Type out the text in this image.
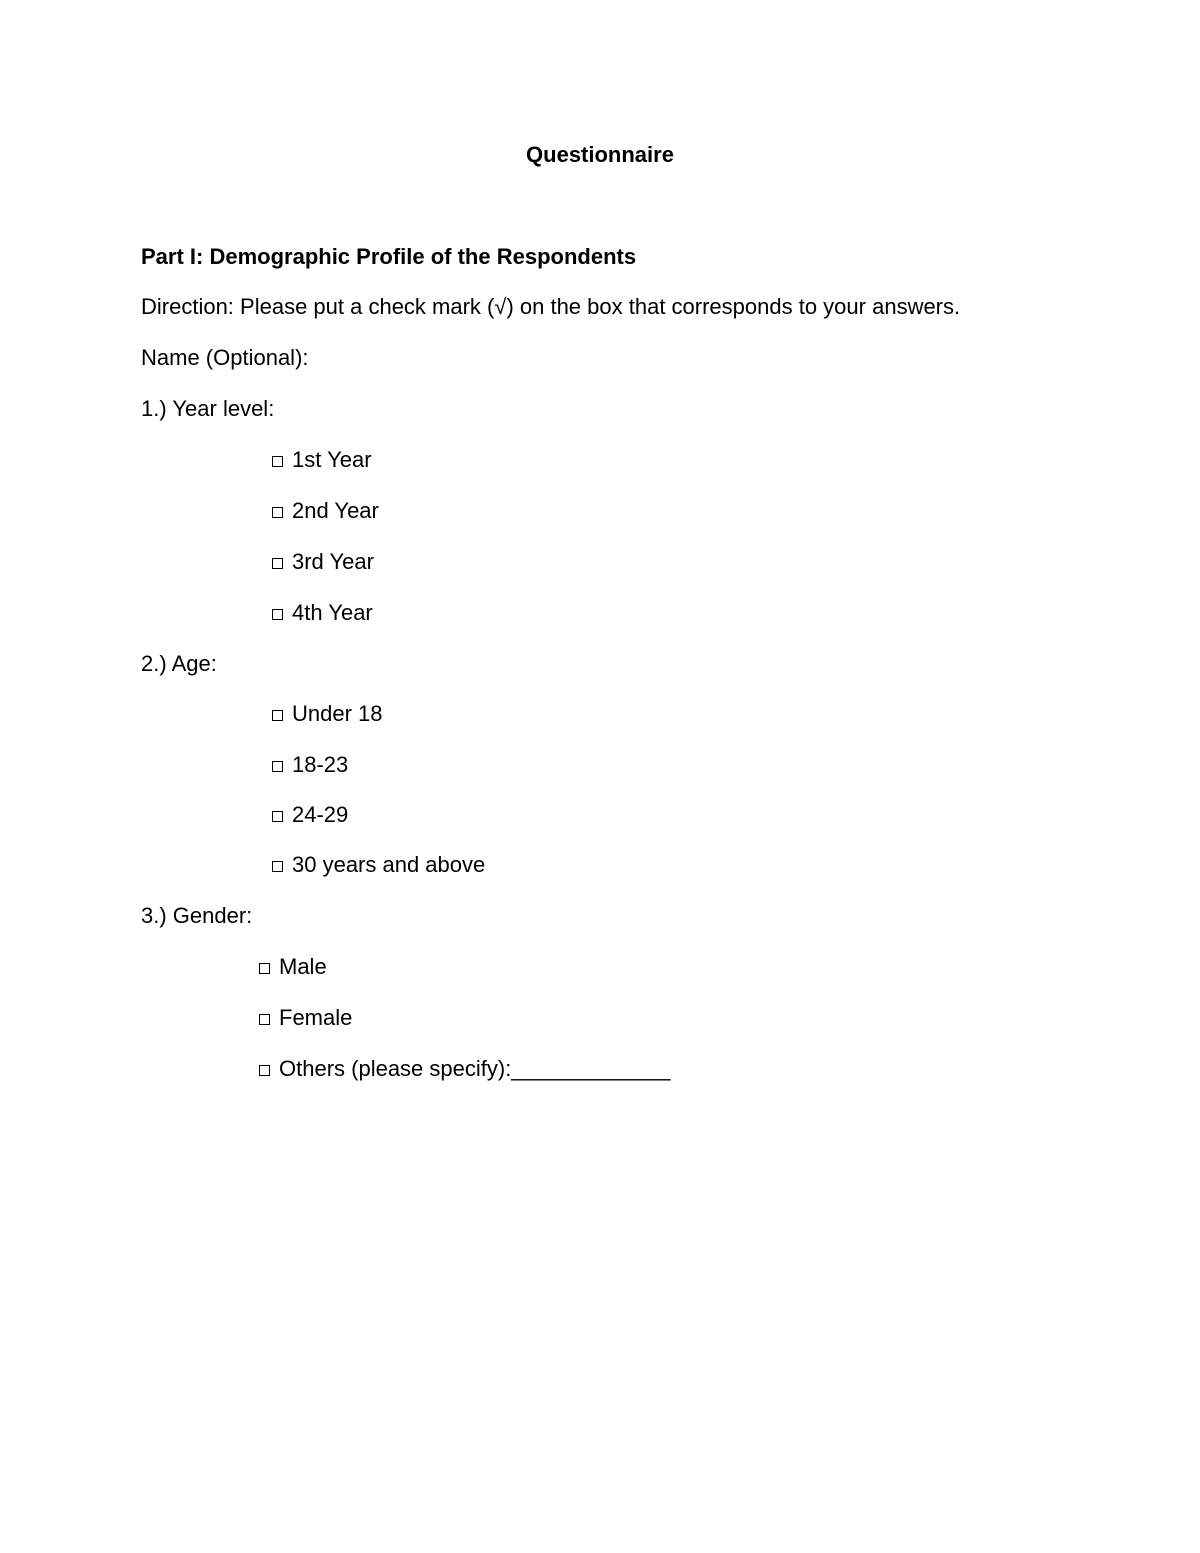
Questionnaire
Part I: Demographic Profile of the Respondents
Direction: Please put a check mark (√) on the box that corresponds to your answers.
Name (Optional):
1.) Year level:
1st Year
2nd Year
3rd Year
4th Year
2.) Age:
Under 18
18-23
24-29
30 years and above
3.) Gender:
Male
Female
Others (please specify):_____________
